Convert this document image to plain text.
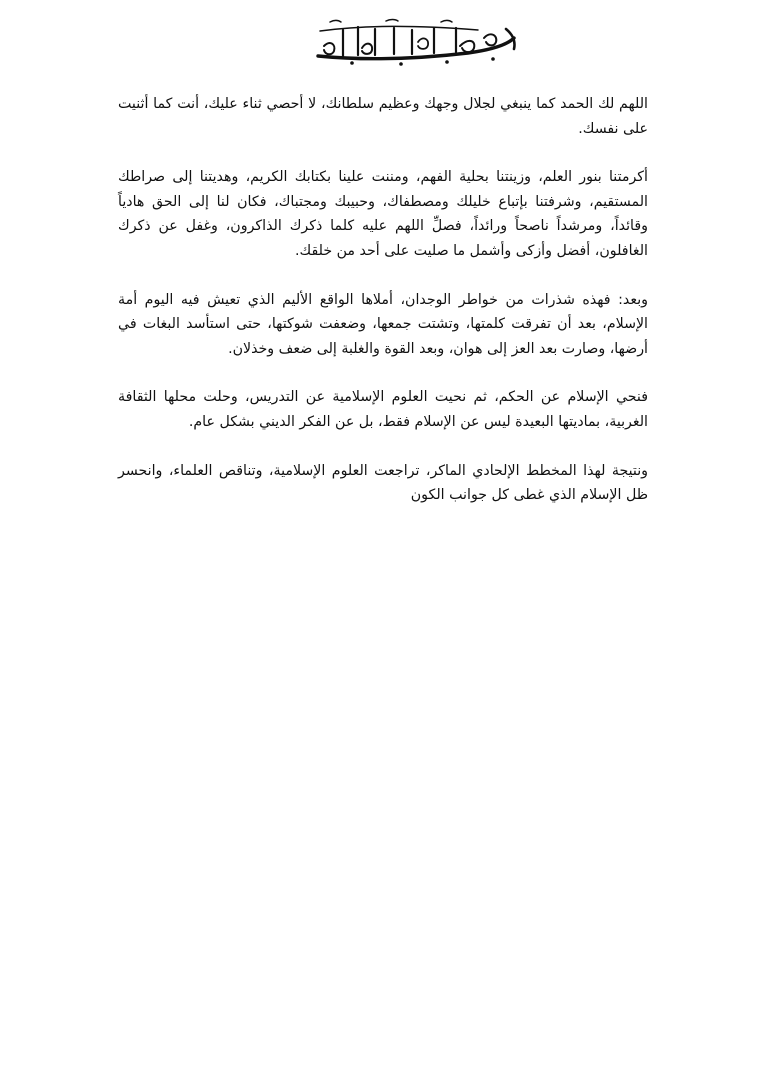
اللهم لك الحمد كما ينبغي لجلال وجهك وعظيم سلطانك، لا أحصي ثناء عليك، أنت كما أثنيت على نفسك.

أكرمتنا بنور العلم، وزينتنا بحلية الفهم، ومننت علينا بكتابك الكريم، وهديتنا إلى صراطك المستقيم، وشرفتنا بإتباع خليلك ومصطفاك، وحبيبك ومجتباك، فكان لنا إلى الحق هادياً وقائداً، ومرشداً ناصحاً ورائداً، فصلِّ اللهم عليه كلما ذكرك الذاكرون، وغفل عن ذكرك الغافلون، أفضل وأزكى وأشمل ما صليت على أحد من خلقك.

وبعد: فهذه شذرات من خواطر الوجدان، أملاها الواقع الأليم الذي تعيش فيه اليوم أمة الإسلام، بعد أن تفرقت كلمتها، وتشتت جمعها، وضعفت شوكتها، حتى استأسد البغات في أرضها، وصارت بعد العز إلى هوان، وبعد القوة والغلبة إلى ضعف وخذلان.

فنحي الإسلام عن الحكم، ثم نحيت العلوم الإسلامية عن التدريس، وحلت محلها الثقافة الغربية، بماديتها البعيدة ليس عن الإسلام فقط، بل عن الفكر الديني بشكل عام.

ونتيجة لهذا المخطط الإلحادي الماكر، تراجعت العلوم الإسلامية، وتناقص العلماء، وانحسر ظل الإسلام الذي غطى كل جوانب الكون
